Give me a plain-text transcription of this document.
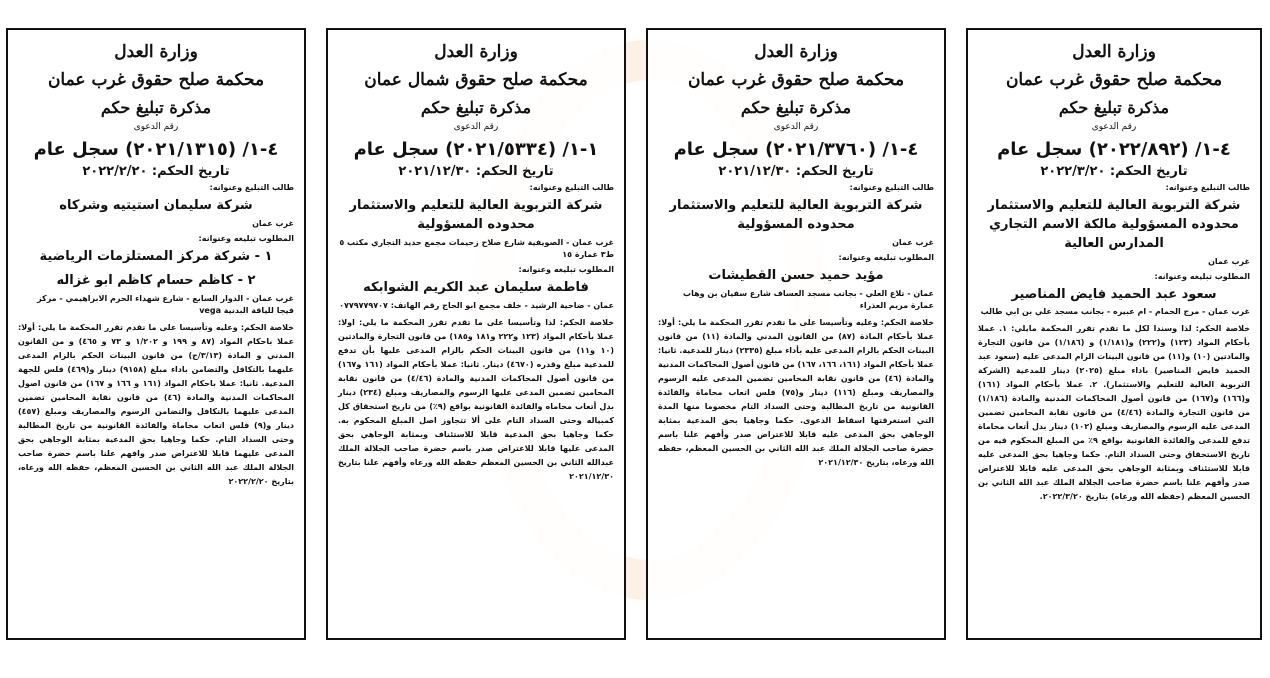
وزارة العدل
محكمة صلح حقوق غرب عمان
مذكرة تبليغ حكم
رقم الدعوى
٤-١/ (٢٠٢٢/٨٩٢) سجل عام
تاريخ الحكم: ٢٠٢٢/٣/٢٠
طالب التبليغ وعنوانه:
شركة التربوية العالية للتعليم والاستثمار محدوده المسؤولية مالكة الاسم التجاري المدارس العالية
غرب عمان
المطلوب تبليغه وعنوانه:
سعود عبد الحميد فايض المناصير
غرب عمان - مرج الحمام - ام عبيره - بجانب مسجد علي بن ابي طالب
خلاصة الحكم: لذا وسندا لكل ما تقدم تقرر المحكمة مايلي: ١. عملا بأحكام المواد (١٢٣) و(٢٢٢) و(١/١٨١) و (١/١٨٦) من قانون التجارة والمادتين (١٠) و(١١) من قانون البينات الزام المدعى عليه (سعود عبد الحميد فايض المناصير) باداء مبلغ (٢٠٢٥) دينار للمدعية (الشركة التربوية العالية للتعليم والاستثمار). ٢. عملا بأحكام المواد (١٦١) و(١٦٦) و(١٦٧) من قانون أصول المحاكمات المدنية والمادة (١/١٨٦) من قانون التجارة والمادة (٤/٤٦) من قانون نقابة المحامين تضمين المدعى عليه الرسوم والمصاريف ومبلغ (١٠٢) دينار بدل أتعاب محاماة تدفع للمدعى والفائدة القانونية بواقع ٩٪ من المبلغ المحكوم فيه من تاريخ الاستحقاق وحتى السداد التام. حكما وجاهيا بحق المدعى عليه قابلا للاستئناف وبمثابة الوجاهي بحق المدعى عليه قابلا للاعتراض صدر وأفهم علنا باسم حضرة صاحب الجلالة الملك عبد الله الثاني بن الحسين المعظم (حفظه الله ورعاه) بتاريخ ٢٠٢٢/٣/٢٠.
وزارة العدل
محكمة صلح حقوق غرب عمان
مذكرة تبليغ حكم
رقم الدعوى
٤-١/ (٢٠٢١/٣٧٦٠) سجل عام
تاريخ الحكم: ٢٠٢١/١٢/٣٠
طالب التبليغ وعنوانه:
شركة التربوية العالية للتعليم والاستثمار محدوده المسؤولية
غرب عمان
المطلوب تبليغه وعنوانه:
مؤيد حميد حسن القطيشات
عمان - تلاع العلي - بجانب مسجد العساف شارع سفيان بن وهاب عمارة مريم العذراء
خلاصة الحكم: وعليه وتأسيسا على ما تقدم تقرر المحكمة ما يلي: أولا: عملا بأحكام المادة (٨٧) من القانون المدني والمادة (١١) من قانون البينات الحكم بالزام المدعى عليه بأداء مبلغ (٢٣٣٥) دينار للمدعية. ثانيا: عملا بأحكام المواد (١٦١، ١٦٦، ١٦٧) من قانون أصول المحاكمات المدنية والمادة (٤٦) من قانون نقابة المحامين تضمين المدعى عليه الرسوم والمصاريف ومبلغ (١١٦) دينار و(٧٥) فلس اتعاب محاماة والفائدة القانونية من تاريخ المطالبة وحتى السداد التام مخصوما منها المدة التي استغرقتها اسقاط الدعوى. حكما وجاهيا بحق المدعية بمثابة الوجاهي بحق المدعى عليه قابلا للاعتراض صدر وأفهم علنا باسم حضرة صاحب الجلالة الملك عبد الله الثاني بن الحسين المعظم، حفظه الله ورعاه، بتاريخ ٢٠٢١/١٢/٣٠
وزارة العدل
محكمة صلح حقوق شمال عمان
مذكرة تبليغ حكم
رقم الدعوى
١-١/ (٢٠٢١/٥٣٣٤) سجل عام
تاريخ الحكم: ٢٠٢١/١٢/٣٠
طالب التبليغ وعنوانه:
شركة التربوية العالية للتعليم والاستثمار محدوده المسؤولية
غرب عمان - الصويفية شارع صلاح زحيمات مجمع حديد التجاري مكتب ٥ ط٣ عمارة ١٥
المطلوب تبليغه وعنوانه:
فاطمة سليمان عبد الكريم الشوابكه
عمان - ضاحية الرشيد - خلف مجمع ابو الحاج رقم الهاتف: ٠٧٧٩٧٧٩٧٠٧
خلاصة الحكم: لذا وتأسيسا على ما تقدم تقرر المحكمة ما يلي: اولا: عملا بأحكام المواد (١٢٣ و٢٢٢ و١٨١ و١٨٥) من قانون التجارة والمادتين (١٠ و١١) من قانون البينات الحكم بالزام المدعى عليها بأن تدفع للمدعية مبلغ وقدره (٤٦٧٠) دينار. ثانيا: عملا بأحكام المواد (١٦١ و١٦٧) من قانون أصول المحاكمات المدنية والمادة (٤/٤٦) من قانون نقابة المحامين تضمين المدعى عليها الرسوم والمصاريف ومبلغ (٢٣٤) دينار بدل أتعاب محاماه والفائدة القانونية بواقع (٩٪) من تاريخ استحقاق كل كمبياله وحتى السداد التام على ألا تتجاوز اصل المبلغ المحكوم به. حكما وجاهيا بحق المدعية قابلا للاستئناف وبمثابة الوجاهي بحق المدعى عليها قابلا للاعتراض صدر باسم حضرة صاحب الجلالة الملك عبدالله الثاني بن الحسين المعظم حفظه الله ورعاه وأفهم علنا بتاريخ ٢٠٢١/١٢/٣٠
وزارة العدل
محكمة صلح حقوق غرب عمان
مذكرة تبليغ حكم
رقم الدعوى
٤-١/ (٢٠٢١/١٣١٥) سجل عام
تاريخ الحكم: ٢٠٢٢/٢/٢٠
طالب التبليغ وعنوانه:
شركة سليمان استيتيه وشركاه
غرب عمان
المطلوب تبليغه وعنوانه:
١ - شركة مركز المستلزمات الرياضية
٢ - كاظم حسام كاظم ابو غزاله
غرب عمان - الدوار السابع - شارع شهداء الحرم الابراهيمي - مركز فيجا للياقة البدنية vega
خلاصة الحكم: وعليه وتأسيسا على ما تقدم تقرر المحكمة ما يلي: أولا: عملا باحكام المواد (٨٧ و ١٩٩ و ١/٢٠٢ و ٧٣ و ٤٦٥) و من القانون المدني و المادة (٣/١٣/ج) من قانون البينات الحكم بالزام المدعى عليهما بالتكافل والتضامن باداء مبلغ (٩١٥٨) دينار و(٤٦٩) فلس للجهة المدعية. ثانيا: عملا باحكام المواد (١٦١ و ١٦٦ و ١٦٧) من قانون اصول المحاكمات المدنية والمادة (٤٦) من قانون نقابة المحامين تضمين المدعى عليهما بالتكافل والتضامن الرسوم والمصاريف ومبلغ (٤٥٧) دينار و(٩) فلس اتعاب محاماة والفائدة القانونية من تاريخ المطالبة وحتى السداد التام. حكما وجاهيا بحق المدعية بمثابة الوجاهي بحق المدعى عليهما قابلا للاعتراض صدر وافهم علنا باسم حضرة صاحب الجلالة الملك عبد الله الثاني بن الحسين المعظم، حفظه الله ورعاه، بتاريخ ٢٠٢٢/٢/٢٠
